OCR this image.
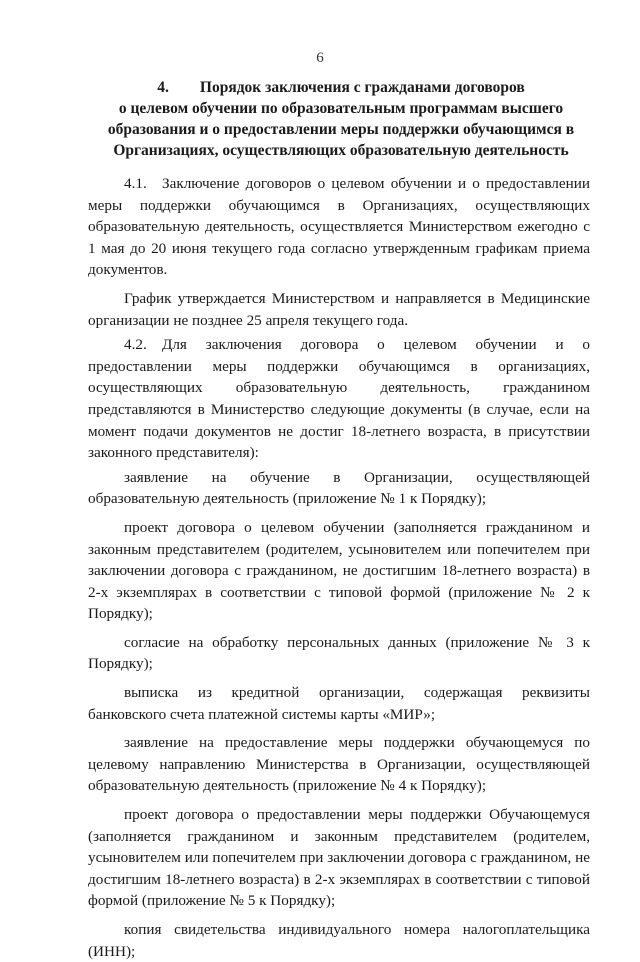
6
4.  Порядок заключения с гражданами договоров
о целевом обучении по образовательным программам высшего
образования и о предоставлении меры поддержки обучающимся в
Организациях, осуществляющих образовательную деятельность

4.1. Заключение договоров о целевом обучении и о предоставлении меры поддержки обучающимся в Организациях, осуществляющих образовательную деятельность, осуществляется Министерством ежегодно с 1 мая до 20 июня текущего года согласно утвержденным графикам приема документов.

График утверждается Министерством и направляется в Медицинские организации не позднее 25 апреля текущего года.

4.2. Для заключения договора о целевом обучении и о предоставлении меры поддержки обучающимся в организациях, осуществляющих образовательную деятельность, гражданином представляются в Министерство следующие документы (в случае, если на момент подачи документов не достиг 18-летнего возраста, в присутствии законного представителя):

заявление на обучение в Организации, осуществляющей образовательную деятельность (приложение № 1 к Порядку);

проект договора о целевом обучении (заполняется гражданином и законным представителем (родителем, усыновителем или попечителем при заключении договора с гражданином, не достигшим 18-летнего возраста) в 2-х экземплярах в соответствии с типовой формой (приложение № 2 к Порядку);

согласие на обработку персональных данных (приложение № 3 к Порядку);

выписка из кредитной организации, содержащая реквизиты банковского счета платежной системы карты «МИР»;

заявление на предоставление меры поддержки обучающемуся по целевому направлению Министерства в Организации, осуществляющей образовательную деятельность (приложение № 4 к Порядку);

проект договора о предоставлении меры поддержки Обучающемуся (заполняется гражданином и законным представителем (родителем, усыновителем или попечителем при заключении договора с гражданином, не достигшим 18-летнего возраста) в 2-х экземплярах в соответствии с типовой формой (приложение № 5 к Порядку);

копия свидетельства индивидуального номера налогоплательщика (ИНН);
